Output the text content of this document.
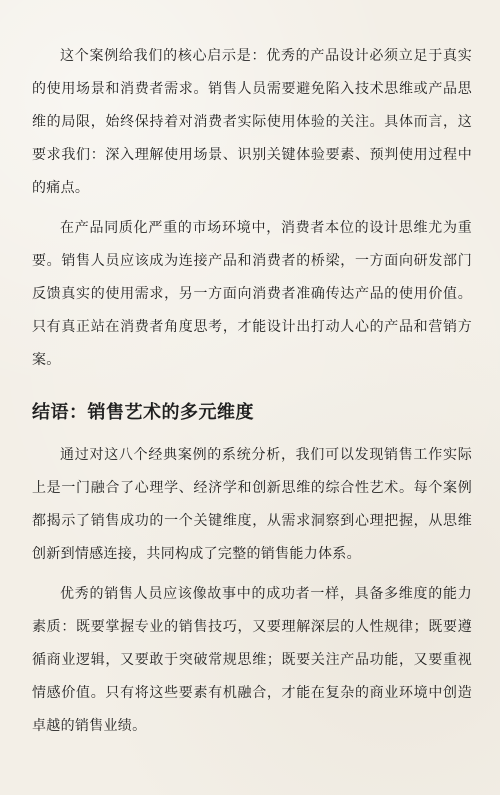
这个案例给我们的核心启示是：优秀的产品设计必须立足于真实的使用场景和消费者需求。销售人员需要避免陷入技术思维或产品思维的局限，始终保持着对消费者实际使用体验的关注。具体而言，这要求我们：深入理解使用场景、识别关键体验要素、预判使用过程中的痛点。

在产品同质化严重的市场环境中，消费者本位的设计思维尤为重要。销售人员应该成为连接产品和消费者的桥梁，一方面向研发部门反馈真实的使用需求，另一方面向消费者准确传达产品的使用价值。只有真正站在消费者角度思考，才能设计出打动人心的产品和营销方案。

结语：销售艺术的多元维度

通过对这八个经典案例的系统分析，我们可以发现销售工作实际上是一门融合了心理学、经济学和创新思维的综合性艺术。每个案例都揭示了销售成功的一个关键维度，从需求洞察到心理把握，从思维创新到情感连接，共同构成了完整的销售能力体系。

优秀的销售人员应该像故事中的成功者一样，具备多维度的能力素质：既要掌握专业的销售技巧，又要理解深层的人性规律；既要遵循商业逻辑，又要敢于突破常规思维；既要关注产品功能，又要重视情感价值。只有将这些要素有机融合，才能在复杂的商业环境中创造卓越的销售业绩。
